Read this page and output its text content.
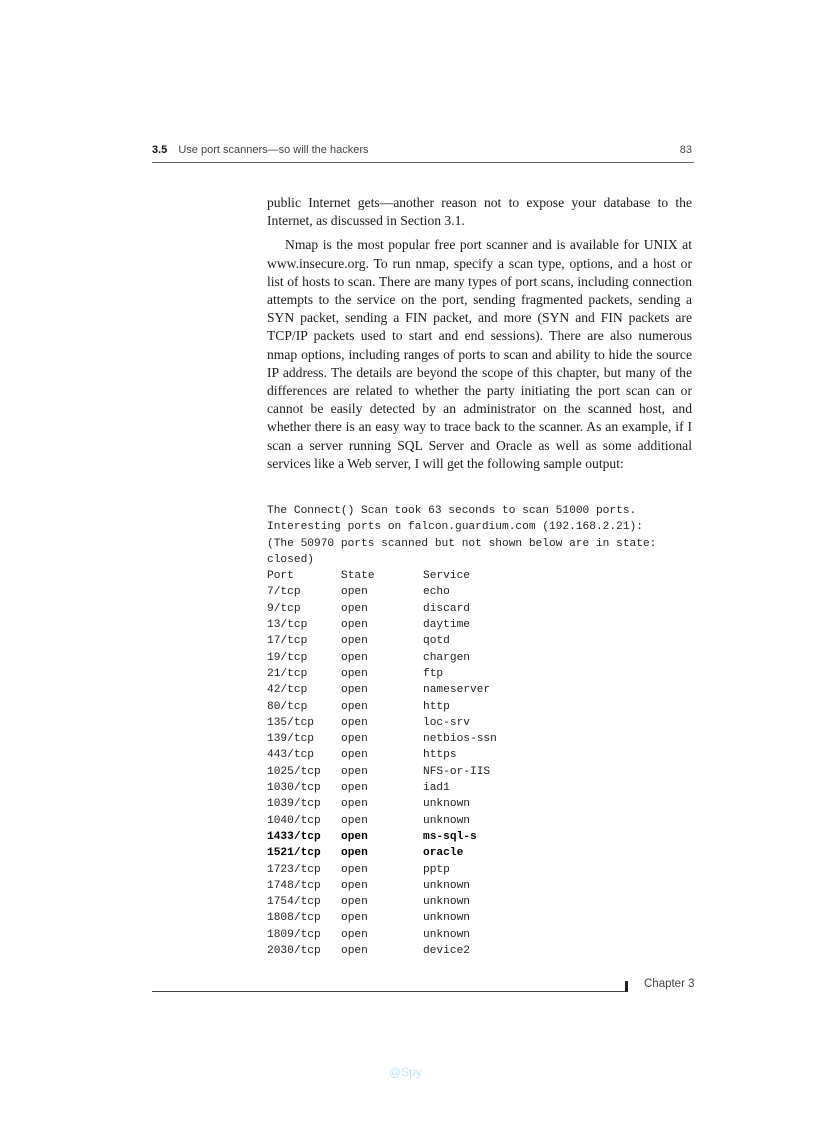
3.5 Use port scanners—so will the hackers	83

public Internet gets—another reason not to expose your database to the Internet, as discussed in Section 3.1.

Nmap is the most popular free port scanner and is available for UNIX at www.insecure.org. To run nmap, specify a scan type, options, and a host or list of hosts to scan. There are many types of port scans, including connection attempts to the service on the port, sending fragmented packets, sending a SYN packet, sending a FIN packet, and more (SYN and FIN packets are TCP/IP packets used to start and end sessions). There are also numerous nmap options, including ranges of ports to scan and ability to hide the source IP address. The details are beyond the scope of this chapter, but many of the differences are related to whether the party initiating the port scan can or cannot be easily detected by an administrator on the scanned host, and whether there is an easy way to trace back to the scanner. As an example, if I scan a server running SQL Server and Oracle as well as some additional services like a Web server, I will get the following sample output:

The Connect() Scan took 63 seconds to scan 51000 ports.
Interesting ports on falcon.guardium.com (192.168.2.21):
(The 50970 ports scanned but not shown below are in state: closed)
Port	State	Service
7/tcp	open	echo
9/tcp	open	discard
13/tcp	open	daytime
17/tcp	open	qotd
19/tcp	open	chargen
21/tcp	open	ftp
42/tcp	open	nameserver
80/tcp	open	http
135/tcp	open	loc-srv
139/tcp	open	netbios-ssn
443/tcp	open	https
1025/tcp	open	NFS-or-IIS
1030/tcp	open	iad1
1039/tcp	open	unknown
1040/tcp	open	unknown
1433/tcp	open	ms-sql-s
1521/tcp	open	oracle
1723/tcp	open	pptp
1748/tcp	open	unknown
1754/tcp	open	unknown
1808/tcp	open	unknown
1809/tcp	open	unknown
2030/tcp	open	device2
Chapter 3
@Spy
